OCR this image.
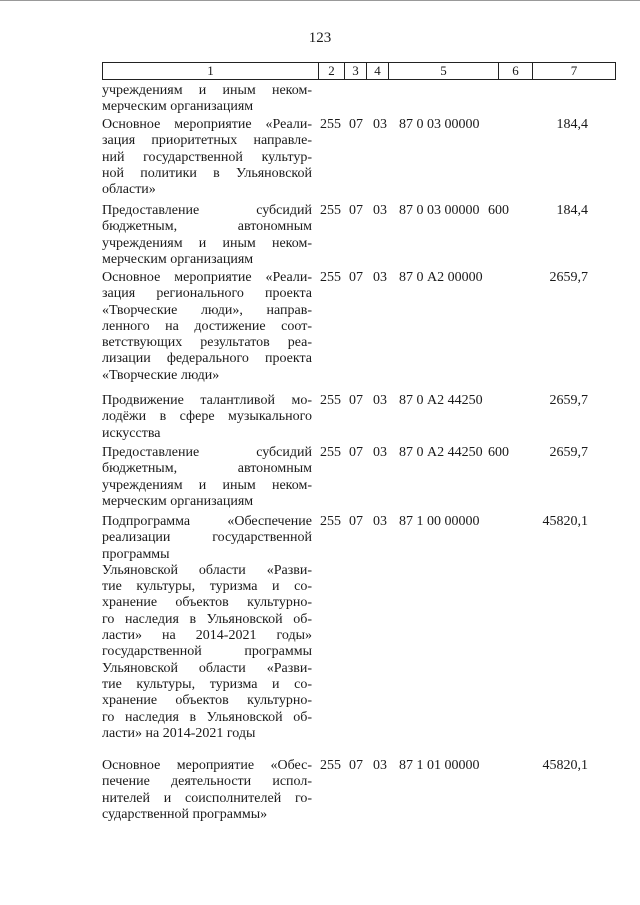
123
1	2	3	4	5	6	7
учреждениям и иным неком-
мерческим организациям
Основное мероприятие «Реали-
зация приоритетных направле-
ний государственной культур-
ной политики в Ульяновской
области»
255 07 03 87 0 03 00000	184,4
Предоставление субсидий
бюджетным, автономным
учреждениям и иным неком-
мерческим организациям
255 07 03 87 0 03 00000 600	184,4
Основное мероприятие «Реали-
зация регионального проекта
«Творческие люди», направ-
ленного на достижение соот-
ветствующих результатов реа-
лизации федерального проекта
«Творческие люди»
255 07 03 87 0 А2 00000	2659,7
Продвижение талантливой мо-
лодёжи в сфере музыкального
искусства
255 07 03 87 0 А2 44250	2659,7
Предоставление субсидий
бюджетным, автономным
учреждениям и иным неком-
мерческим организациям
255 07 03 87 0 А2 44250 600	2659,7
Подпрограмма «Обеспечение
реализации государственной
программы
Ульяновской области «Разви-
тие культуры, туризма и со-
хранение объектов культурно-
го наследия в Ульяновской об-
ласти» на 2014-2021 годы»
государственной программы
Ульяновской области «Разви-
тие культуры, туризма и со-
хранение объектов культурно-
го наследия в Ульяновской об-
ласти» на 2014-2021 годы
255 07 03 87 1 00 00000	45820,1
Основное мероприятие «Обес-
печение деятельности испол-
нителей и соисполнителей го-
сударственной программы»
255 07 03 87 1 01 00000	45820,1
